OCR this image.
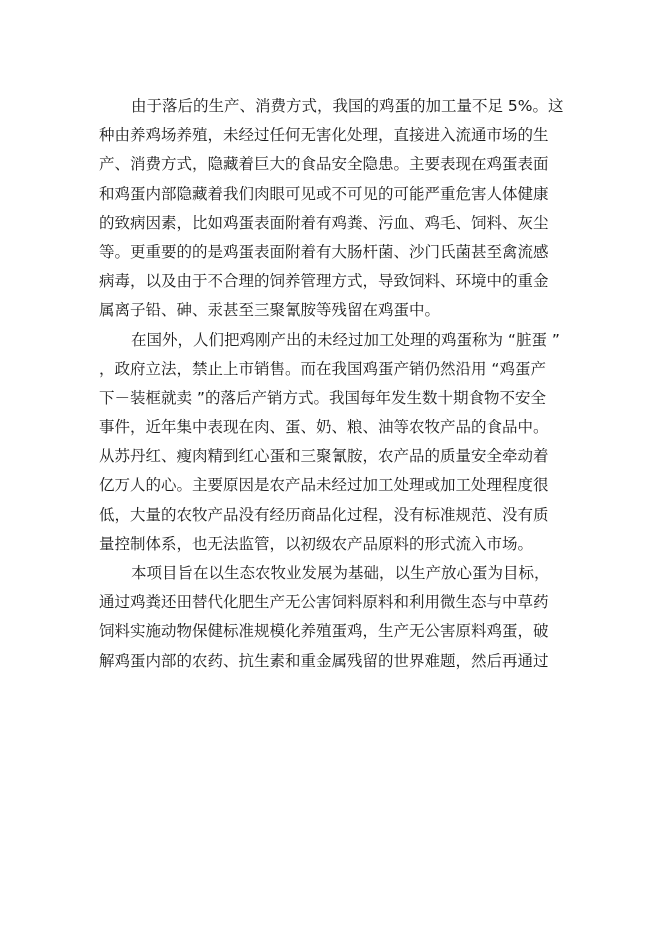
由于落后的生产、消费方式，我国的鸡蛋的加工量不足 5%。这
种由养鸡场养殖，未经过任何无害化处理，直接进入流通市场的生
产、消费方式，隐藏着巨大的食品安全隐患。主要表现在鸡蛋表面
和鸡蛋内部隐藏着我们肉眼可见或不可见的可能严重危害人体健康
的致病因素，比如鸡蛋表面附着有鸡粪、污血、鸡毛、饲料、灰尘
等。更重要的的是鸡蛋表面附着有大肠杆菌、沙门氏菌甚至禽流感
病毒，以及由于不合理的饲养管理方式，导致饲料、环境中的重金
属离子铅、砷、汞甚至三聚氰胺等残留在鸡蛋中。
在国外，人们把鸡刚产出的未经过加工处理的鸡蛋称为 “脏蛋 ”
，政府立法，禁止上市销售。而在我国鸡蛋产销仍然沿用 “鸡蛋产
下－装框就卖 ”的落后产销方式。我国每年发生数十期食物不安全
事件，近年集中表现在肉、蛋、奶、粮、油等农牧产品的食品中。
从苏丹红、瘦肉精到红心蛋和三聚氰胺，农产品的质量安全牵动着
亿万人的心。主要原因是农产品未经过加工处理或加工处理程度很
低，大量的农牧产品没有经历商品化过程，没有标准规范、没有质
量控制体系，也无法监管，以初级农产品原料的形式流入市场。
本项目旨在以生态农牧业发展为基础，以生产放心蛋为目标，
通过鸡粪还田替代化肥生产无公害饲料原料和利用微生态与中草药
饲料实施动物保健标准规模化养殖蛋鸡，生产无公害原料鸡蛋，破
解鸡蛋内部的农药、抗生素和重金属残留的世界难题，然后再通过
